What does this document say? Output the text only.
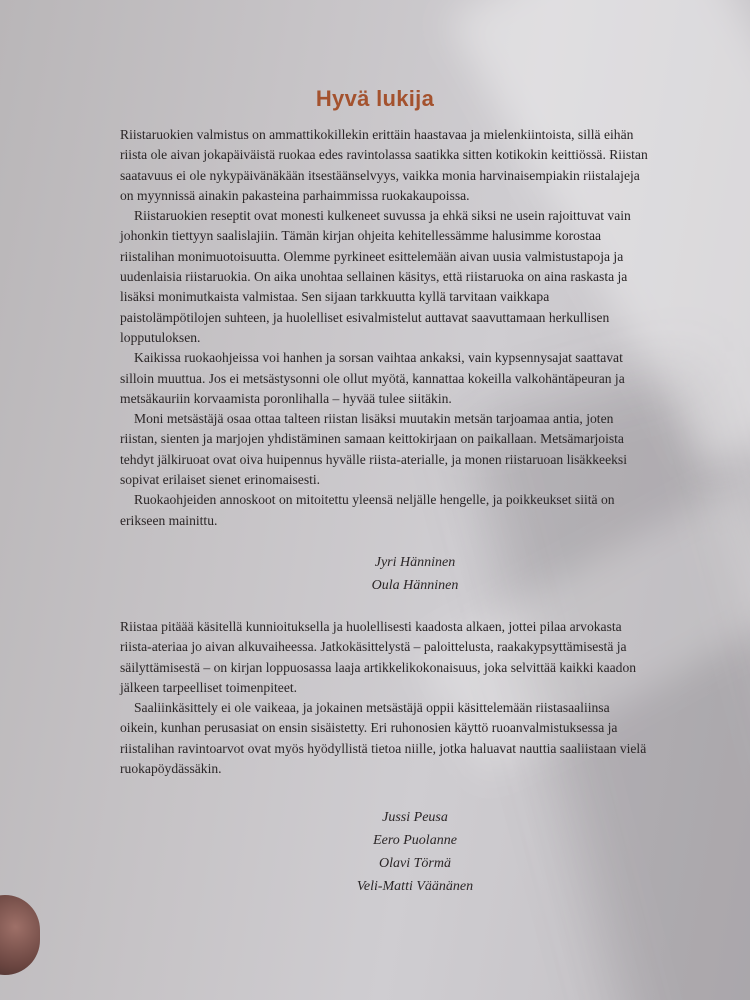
Hyvä lukija

Riistaruokien valmistus on ammattikokillekin erittäin haastavaa ja mielenkiintoista, sillä eihän riista ole aivan jokapäiväistä ruokaa edes ravintolassa saatikka sitten kotikokin keittiössä. Riistan saatavuus ei ole nykypäivänäkään itsestäänselvyys, vaikka monia harvinaisempiakin riistalajeja on myynnissä ainakin pakasteina parhaimmissa ruokakaupoissa.

Riistaruokien reseptit ovat monesti kulkeneet suvussa ja ehkä siksi ne usein rajoittuvat vain johonkin tiettyyn saalislajiin. Tämän kirjan ohjeita kehitellessämme halusimme korostaa riistalihan monimuotoisuutta. Olemme pyrkineet esittelemään aivan uusia valmistustapoja ja uudenlaisia riistaruokia. On aika unohtaa sellainen käsitys, että riistaruoka on aina raskasta ja lisäksi monimutkaista valmistaa. Sen sijaan tarkkuutta kyllä tarvitaan vaikkapa paistolämpötilojen suhteen, ja huolelliset esivalmistelut auttavat saavuttamaan herkullisen lopputuloksen.

Kaikissa ruokaohjeissa voi hanhen ja sorsan vaihtaa ankaksi, vain kypsennysajat saattavat silloin muuttua. Jos ei metsästysonni ole ollut myötä, kannattaa kokeilla valkohäntäpeuran ja metsäkauriin korvaamista poronlihalla – hyvää tulee siitäkin.

Moni metsästäjä osaa ottaa talteen riistan lisäksi muutakin metsän tarjoamaa antia, joten riistan, sienten ja marjojen yhdistäminen samaan keittokirjaan on paikallaan. Metsämarjoista tehdyt jälkiruoat ovat oiva huipennus hyvälle riista-aterialle, ja monen riistaruoan lisäkkeeksi sopivat erilaiset sienet erinomaisesti.

Ruokaohjeiden annoskoot on mitoitettu yleensä neljälle hengelle, ja poikkeukset siitä on erikseen mainittu.

Jyri Hänninen
Oula Hänninen

Riistaa pitäää käsitellä kunnioituksella ja huolellisesti kaadosta alkaen, jottei pilaa arvokasta riista-ateriaa jo aivan alkuvaiheessa. Jatkokäsittelystä – paloittelusta, raakakypsyttämisestä ja säilyttämisestä – on kirjan loppuosassa laaja artikkelikokonaisuus, joka selvittää kaikki kaadon jälkeen tarpeelliset toimenpiteet.

Saaliinkäsittely ei ole vaikeaa, ja jokainen metsästäjä oppii käsittelemään riistasaaliinsa oikein, kunhan perusasiat on ensin sisäistetty. Eri ruhonosien käyttö ruoanvalmistuksessa ja riistalihan ravintoarvot ovat myös hyödyllistä tietoa niille, jotka haluavat nauttia saaliistaan vielä ruokapöydässäkin.

Jussi Peusa
Eero Puolanne
Olavi Törmä
Veli-Matti Väänänen
